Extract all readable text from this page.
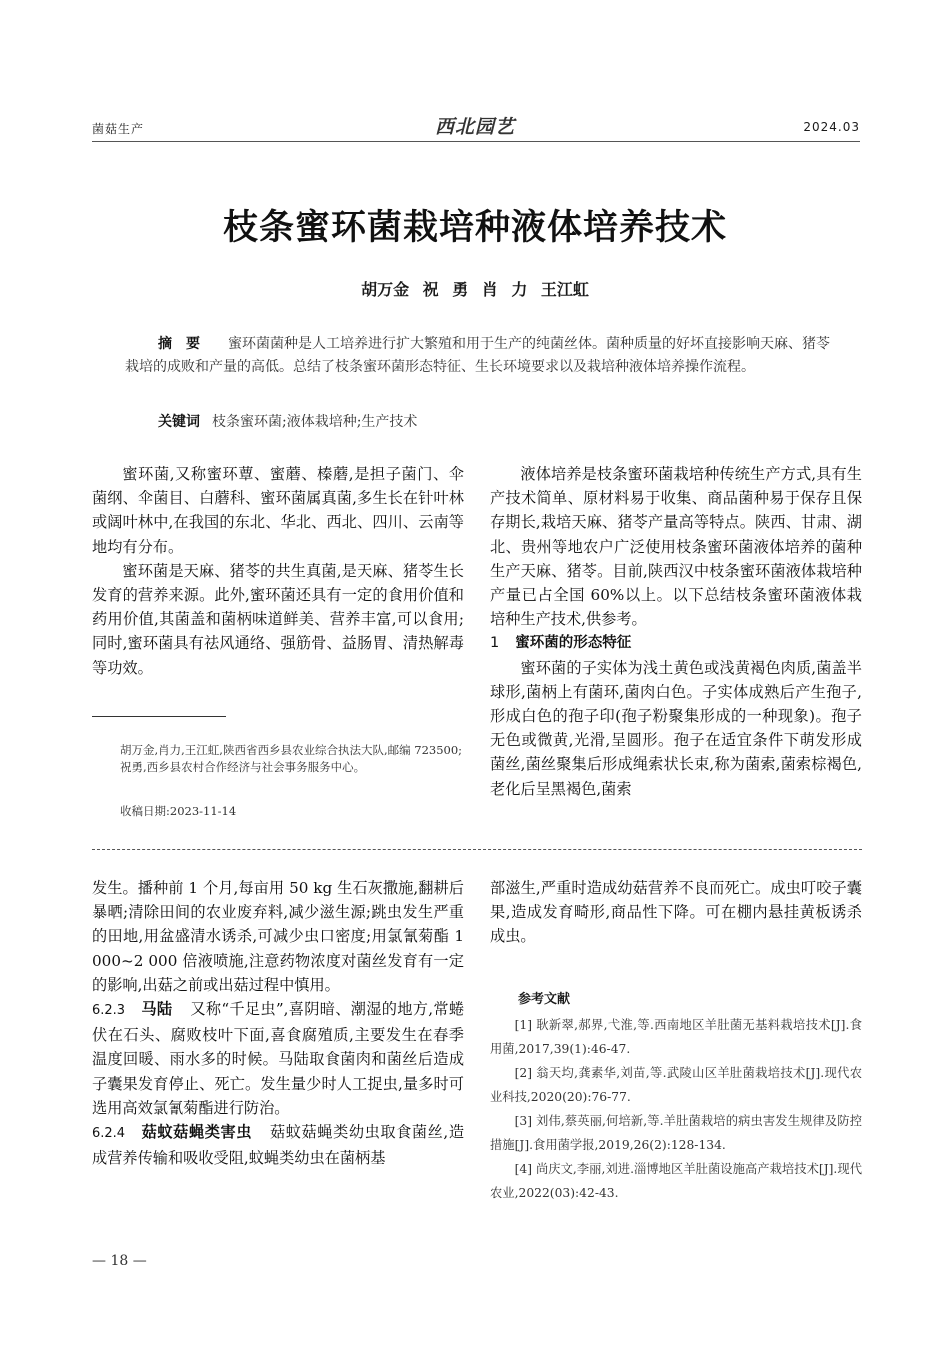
菌菇生产	西北园艺	2024.03
枝条蜜环菌栽培种液体培养技术
胡万金 祝 勇 肖 力 王江虹
摘要 蜜环菌菌种是人工培养进行扩大繁殖和用于生产的纯菌丝体。菌种质量的好坏直接影响天麻、猪苓栽培的成败和产量的高低。总结了枝条蜜环菌形态特征、生长环境要求以及栽培种液体培养操作流程。
关键词 枝条蜜环菌;液体栽培种;生产技术

蜜环菌,又称蜜环蕈、蜜蘑、榛蘑,是担子菌门、伞菌纲、伞菌目、白蘑科、蜜环菌属真菌,多生长在针叶林或阔叶林中,在我国的东北、华北、西北、四川、云南等地均有分布。

蜜环菌是天麻、猪苓的共生真菌,是天麻、猪苓生长发育的营养来源。此外,蜜环菌还具有一定的食用价值和药用价值,其菌盖和菌柄味道鲜美、营养丰富,可以食用;同时,蜜环菌具有祛风通络、强筋骨、益肠胃、清热解毒等功效。

胡万金,肖力,王江虹,陕西省西乡县农业综合执法大队,邮编 723500;祝勇,西乡县农村合作经济与社会事务服务中心。
收稿日期:2023-11-14

液体培养是枝条蜜环菌栽培种传统生产方式,具有生产技术简单、原材料易于收集、商品菌种易于保存且保存期长,栽培天麻、猪苓产量高等特点。陕西、甘肃、湖北、贵州等地农户广泛使用枝条蜜环菌液体培养的菌种生产天麻、猪苓。目前,陕西汉中枝条蜜环菌液体栽培种产量已占全国 60%以上。以下总结枝条蜜环菌液体栽培种生产技术,供参考。

1 蜜环菌的形态特征

蜜环菌的子实体为浅土黄色或浅黄褐色肉质,菌盖半球形,菌柄上有菌环,菌肉白色。子实体成熟后产生孢子,形成白色的孢子印(孢子粉聚集形成的一种现象)。孢子无色或微黄,光滑,呈圆形。孢子在适宜条件下萌发形成菌丝,菌丝聚集后形成绳索状长束,称为菌索,菌索棕褐色,老化后呈黑褐色,菌索

发生。播种前 1 个月,每亩用 50 kg 生石灰撒施,翻耕后暴晒;清除田间的农业废弃料,减少滋生源;跳虫发生严重的田地,用盆盛清水诱杀,可减少虫口密度;用氯氰菊酯 1 000~2 000 倍液喷施,注意药物浓度对菌丝发育有一定的影响,出菇之前或出菇过程中慎用。

6.2.3 马陆 又称“千足虫”,喜阴暗、潮湿的地方,常蜷伏在石头、腐败枝叶下面,喜食腐殖质,主要发生在春季温度回暖、雨水多的时候。马陆取食菌肉和菌丝后造成子囊果发育停止、死亡。发生量少时人工捉虫,量多时可选用高效氯氰菊酯进行防治。

6.2.4 菇蚊菇蝇类害虫 菇蚊菇蝇类幼虫取食菌丝,造成营养传输和吸收受阻,蚊蝇类幼虫在菌柄基

部滋生,严重时造成幼菇营养不良而死亡。成虫叮咬子囊果,造成发育畸形,商品性下降。可在棚内悬挂黄板诱杀成虫。

参考文献
[1] 耿新翠,郝界,弋淮,等.西南地区羊肚菌无基料栽培技术[J].食用菌,2017,39(1):46-47.
[2] 翁天均,龚素华,刘苗,等.武陵山区羊肚菌栽培技术[J].现代农业科技,2020(20):76-77.
[3] 刘伟,蔡英丽,何培新,等.羊肚菌栽培的病虫害发生规律及防控措施[J].食用菌学报,2019,26(2):128-134.
[4] 尚庆文,李丽,刘进.淄博地区羊肚菌设施高产栽培技术[J].现代农业,2022(03):42-43.
— 18 —
